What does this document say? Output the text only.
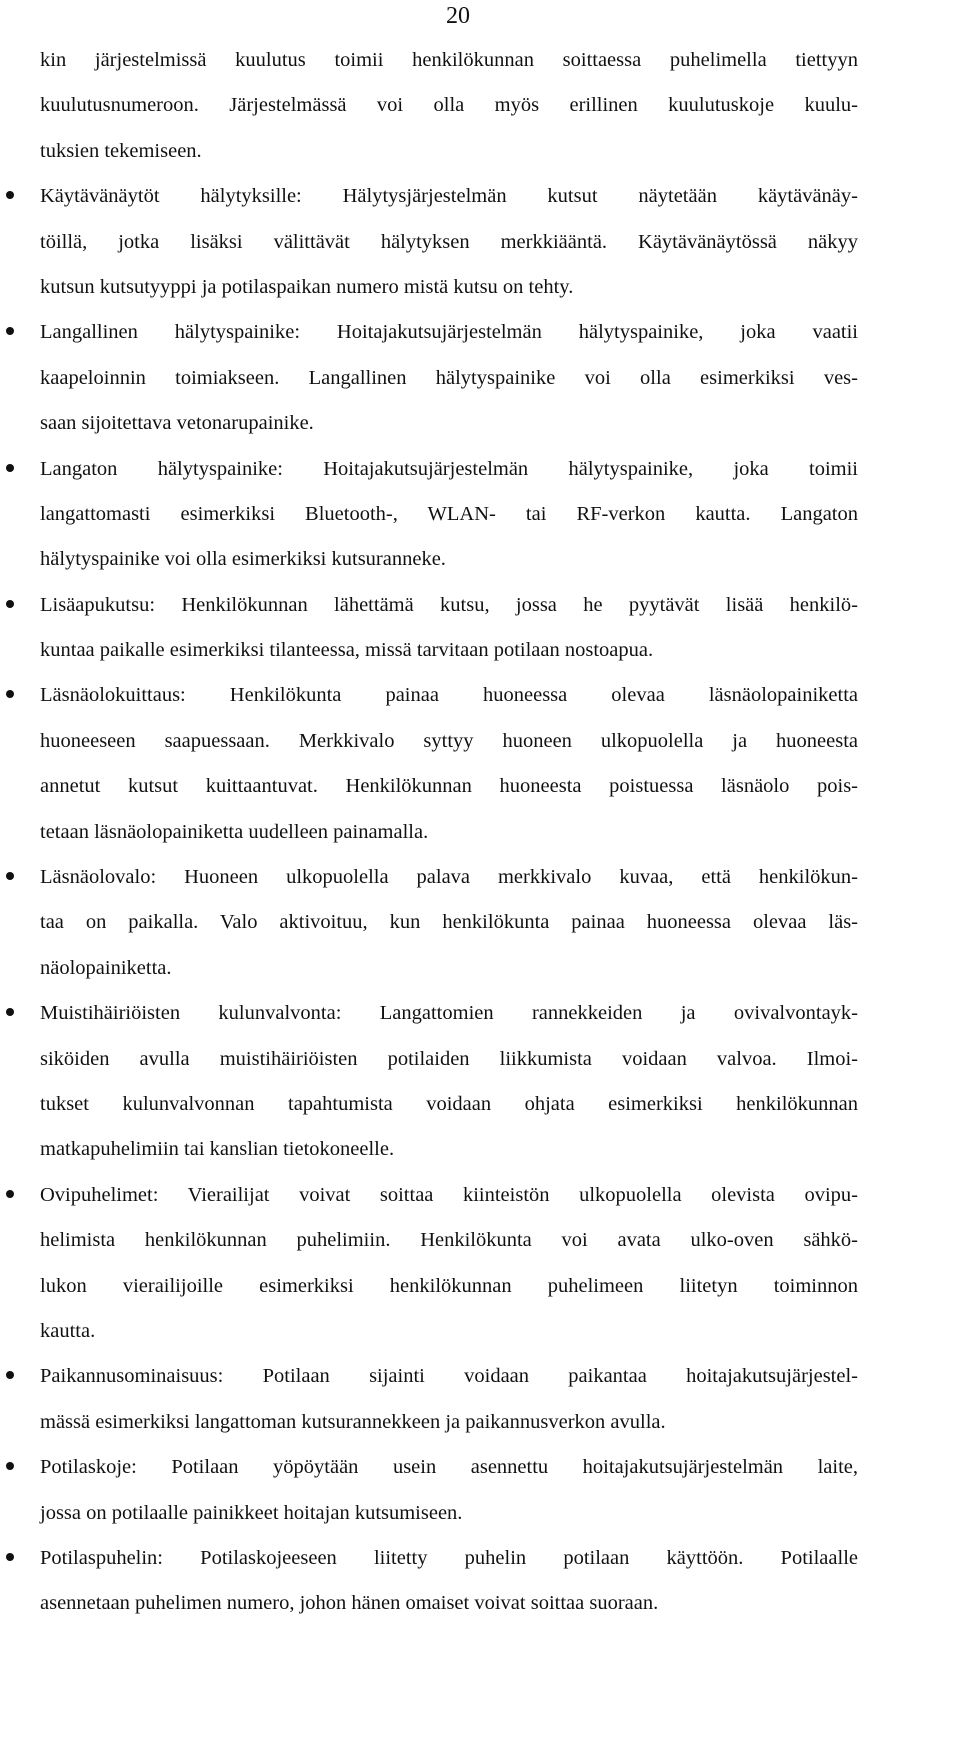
20
kin järjestelmissä kuulutus toimii henkilökunnan soittaessa puhelimella tiettyyn
kuulutusnumeroon. Järjestelmässä voi olla myös erillinen kuulutuskoje kuulu-
tuksien tekemiseen.
Käytävänäytöt hälytyksille: Hälytysjärjestelmän kutsut näytetään käytävänäy-
töillä, jotka lisäksi välittävät hälytyksen merkkiääntä. Käytävänäytössä näkyy
kutsun kutsutyyppi ja potilaspaikan numero mistä kutsu on tehty.
Langallinen hälytyspainike: Hoitajakutsujärjestelmän hälytyspainike, joka vaatii
kaapeloinnin toimiakseen. Langallinen hälytyspainike voi olla esimerkiksi ves-
saan sijoitettava vetonarupainike.
Langaton hälytyspainike: Hoitajakutsujärjestelmän hälytyspainike, joka toimii
langattomasti esimerkiksi Bluetooth-, WLAN- tai RF-verkon kautta. Langaton
hälytyspainike voi olla esimerkiksi kutsuranneke.
Lisäapukutsu: Henkilökunnan lähettämä kutsu, jossa he pyytävät lisää henkilö-
kuntaa paikalle esimerkiksi tilanteessa, missä tarvitaan potilaan nostoapua.
Läsnäolokuittaus: Henkilökunta painaa huoneessa olevaa läsnäolopainiketta
huoneeseen saapuessaan. Merkkivalo syttyy huoneen ulkopuolella ja huoneesta
annetut kutsut kuittaantuvat. Henkilökunnan huoneesta poistuessa läsnäolo pois-
tetaan läsnäolopainiketta uudelleen painamalla.
Läsnäolovalo: Huoneen ulkopuolella palava merkkivalo kuvaa, että henkilökun-
taa on paikalla. Valo aktivoituu, kun henkilökunta painaa huoneessa olevaa läs-
näolopainiketta.
Muistihäiriöisten kulunvalvonta: Langattomien rannekkeiden ja ovivalvontayk-
siköiden avulla muistihäiriöisten potilaiden liikkumista voidaan valvoa. Ilmoi-
tukset kulunvalvonnan tapahtumista voidaan ohjata esimerkiksi henkilökunnan
matkapuhelimiin tai kanslian tietokoneelle.
Ovipuhelimet: Vierailijat voivat soittaa kiinteistön ulkopuolella olevista ovipu-
helimista henkilökunnan puhelimiin. Henkilökunta voi avata ulko-oven sähkö-
lukon vierailijoille esimerkiksi henkilökunnan puhelimeen liitetyn toiminnon
kautta.
Paikannusominaisuus: Potilaan sijainti voidaan paikantaa hoitajakutsujärjestel-
mässä esimerkiksi langattoman kutsurannekkeen ja paikannusverkon avulla.
Potilaskoje: Potilaan yöpöytään usein asennettu hoitajakutsujärjestelmän laite,
jossa on potilaalle painikkeet hoitajan kutsumiseen.
Potilaspuhelin: Potilaskojeeseen liitetty puhelin potilaan käyttöön. Potilaalle
asennetaan puhelimen numero, johon hänen omaiset voivat soittaa suoraan.
